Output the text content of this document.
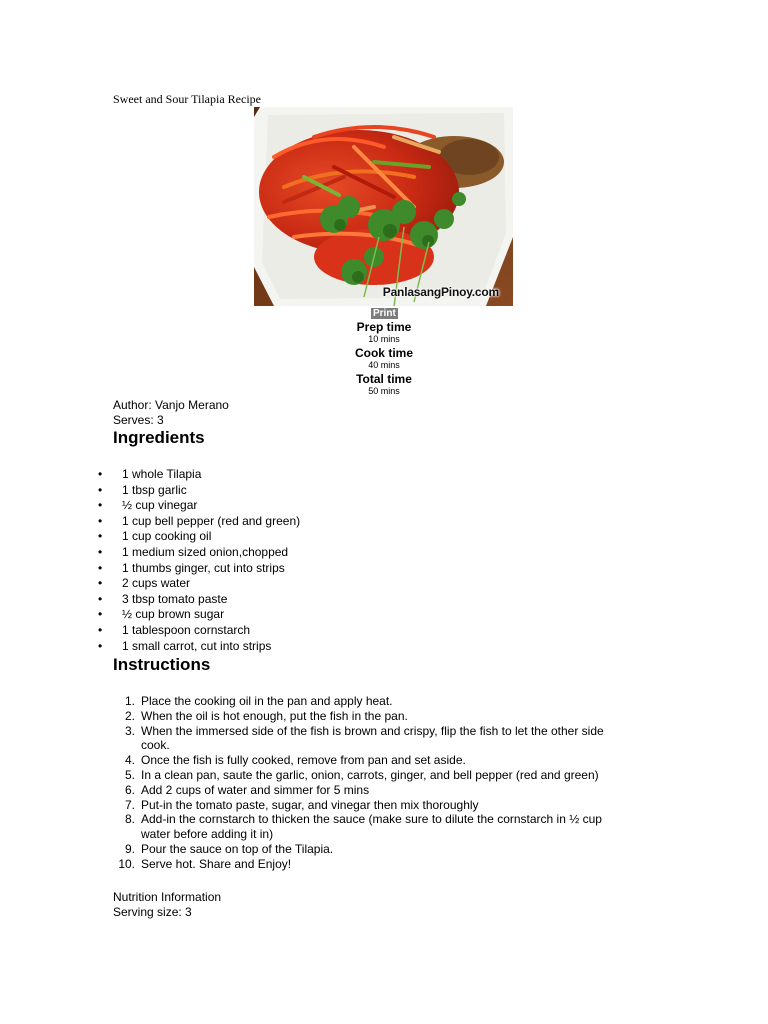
Sweet and Sour Tilapia Recipe
PanlasangPinoy.com
Print
Prep time
10 mins
Cook time
40 mins
Total time
50 mins
Author: Vanjo Merano
Serves: 3
Ingredients
• 1 whole Tilapia
• 1 tbsp garlic
• ½ cup vinegar
• 1 cup bell pepper (red and green)
• 1 cup cooking oil
• 1 medium sized onion,chopped
• 1 thumbs ginger, cut into strips
• 2 cups water
• 3 tbsp tomato paste
• ½ cup brown sugar
• 1 tablespoon cornstarch
• 1 small carrot, cut into strips
Instructions
1. Place the cooking oil in the pan and apply heat.
2. When the oil is hot enough, put the fish in the pan.
3. When the immersed side of the fish is brown and crispy, flip the fish to let the other side cook.
4. Once the fish is fully cooked, remove from pan and set aside.
5. In a clean pan, saute the garlic, onion, carrots, ginger, and bell pepper (red and green)
6. Add 2 cups of water and simmer for 5 mins
7. Put-in the tomato paste, sugar, and vinegar then mix thoroughly
8. Add-in the cornstarch to thicken the sauce (make sure to dilute the cornstarch in ½ cup water before adding it in)
9. Pour the sauce on top of the Tilapia.
10. Serve hot. Share and Enjoy!
Nutrition Information
Serving size: 3
